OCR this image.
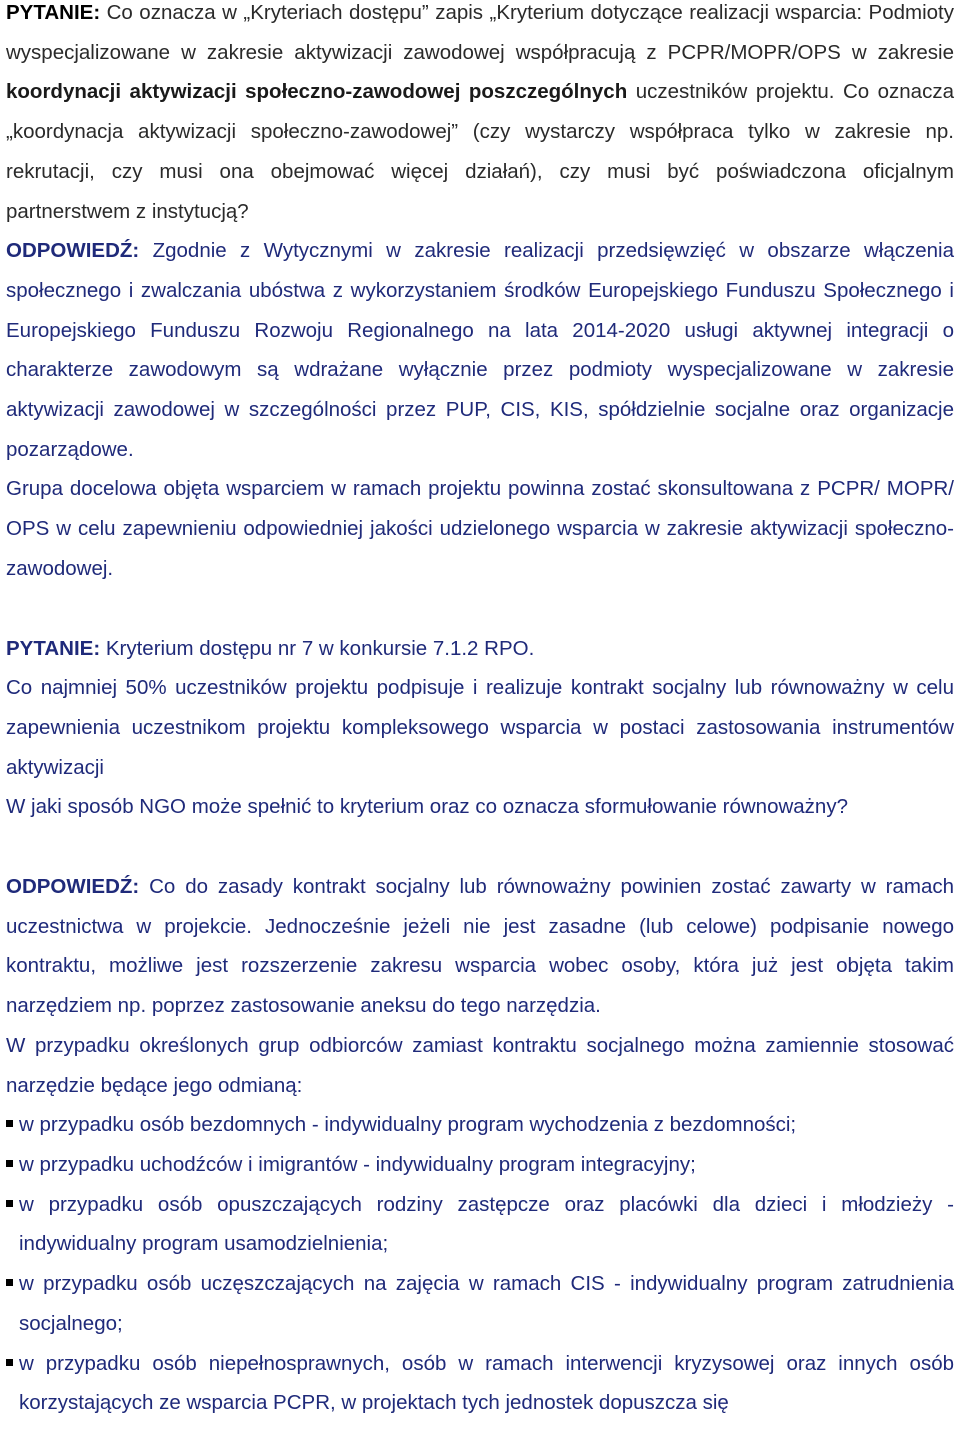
PYTANIE: Co oznacza w „Kryteriach dostępu” zapis „Kryterium dotyczące realizacji wsparcia: Podmioty wyspecjalizowane w zakresie aktywizacji zawodowej współpracują z PCPR/MOPR/OPS w zakresie koordynacji aktywizacji społeczno-zawodowej poszczególnych uczestników projektu. Co oznacza „koordynacja aktywizacji społeczno-zawodowej” (czy wystarczy współpraca tylko w zakresie np. rekrutacji, czy musi ona obejmować więcej działań), czy musi być poświadczona oficjalnym partnerstwem z instytucją?

ODPOWIEDŹ: Zgodnie z Wytycznymi w zakresie realizacji przedsięwzięć w obszarze włączenia społecznego i zwalczania ubóstwa z wykorzystaniem środków Europejskiego Funduszu Społecznego i Europejskiego Funduszu Rozwoju Regionalnego na lata 2014-2020 usługi aktywnej integracji o charakterze zawodowym są wdrażane wyłącznie przez podmioty wyspecjalizowane w zakresie aktywizacji zawodowej w szczególności przez PUP, CIS, KIS, spółdzielnie socjalne oraz organizacje pozarządowe.

Grupa docelowa objęta wsparciem w ramach projektu powinna zostać skonsultowana z PCPR/ MOPR/ OPS w celu zapewnieniu odpowiedniej jakości udzielonego wsparcia w zakresie aktywizacji społeczno-zawodowej.

PYTANIE: Kryterium dostępu nr 7 w konkursie 7.1.2 RPO.

Co najmniej 50% uczestników projektu podpisuje i realizuje kontrakt socjalny lub równoważny w celu zapewnienia uczestnikom projektu kompleksowego wsparcia w postaci zastosowania instrumentów aktywizacji

W jaki sposób NGO może spełnić to kryterium oraz co oznacza sformułowanie równoważny?

ODPOWIEDŹ: Co do zasady kontrakt socjalny lub równoważny powinien zostać zawarty w ramach uczestnictwa w projekcie. Jednocześnie jeżeli nie jest zasadne (lub celowe) podpisanie nowego kontraktu, możliwe jest rozszerzenie zakresu wsparcia wobec osoby, która już jest objęta takim narzędziem np. poprzez zastosowanie aneksu do tego narzędzia.

W przypadku określonych grup odbiorców zamiast kontraktu socjalnego można zamiennie stosować narzędzie będące jego odmianą:

w przypadku osób bezdomnych - indywidualny program wychodzenia z bezdomności;
w przypadku uchodźców i imigrantów - indywidualny program integracyjny;
w przypadku osób opuszczających rodziny zastępcze oraz placówki dla dzieci i młodzieży - indywidualny program usamodzielnienia;
w przypadku osób uczęszczających na zajęcia w ramach CIS - indywidualny program zatrudnienia socjalnego;
w przypadku osób niepełnosprawnych, osób w ramach interwencji kryzysowej oraz innych osób korzystających ze wsparcia PCPR, w projektach tych jednostek dopuszcza się
